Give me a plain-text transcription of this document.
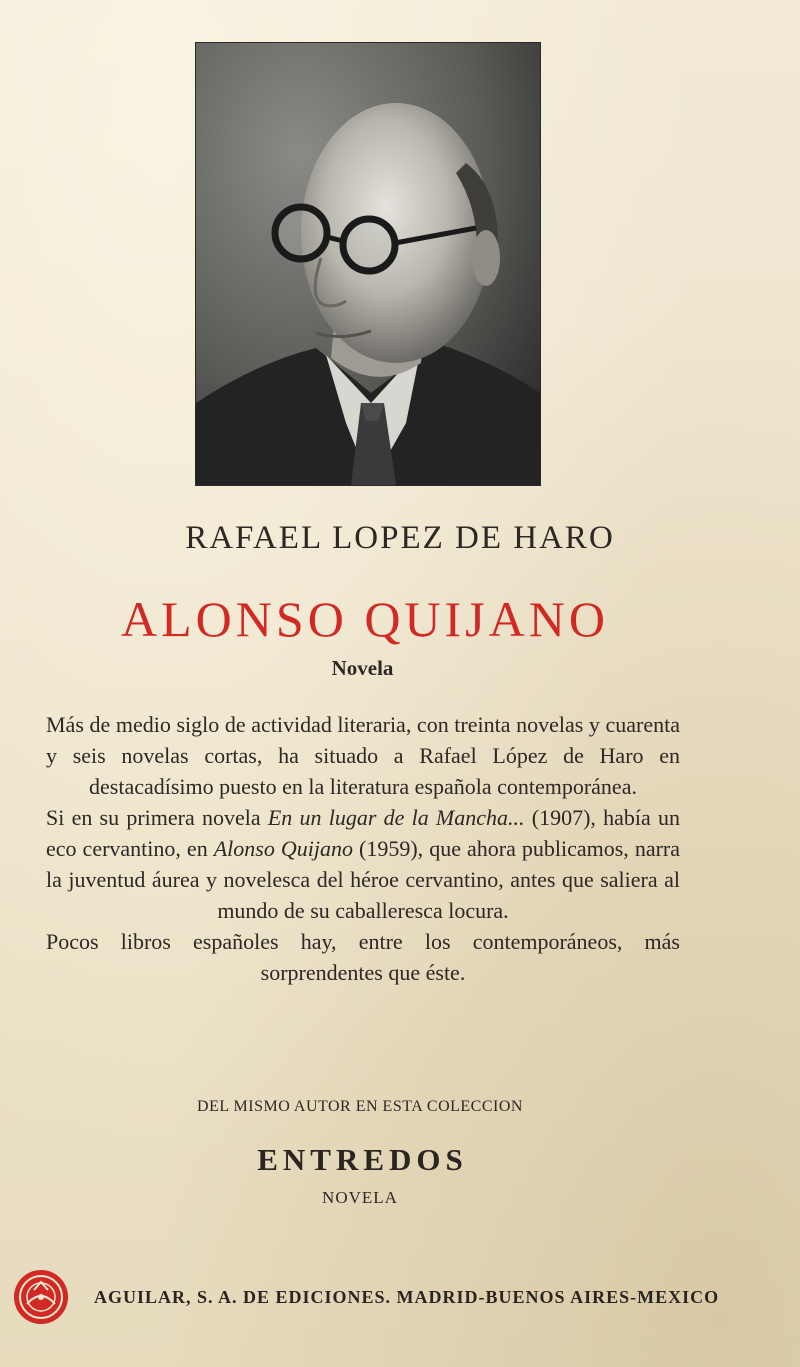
RAFAEL LOPEZ DE HARO
ALONSO QUIJANO
Novela

Más de medio siglo de actividad literaria, con treinta novelas y cuarenta y seis novelas cortas, ha situado a Rafael López de Haro en destacadísimo puesto en la literatura española contemporánea.

Si en su primera novela En un lugar de la Mancha... (1907), había un eco cervantino, en Alonso Quijano (1959), que ahora publicamos, narra la juventud áurea y novelesca del héroe cervantino, antes que saliera al mundo de su caballeresca locura.

Pocos libros españoles hay, entre los contemporáneos, más sorprendentes que éste.

DEL MISMO AUTOR EN ESTA COLECCION
ENTREDOS
NOVELA
AGUILAR, S. A. DE EDICIONES. MADRID-BUENOS AIRES-MEXICO
